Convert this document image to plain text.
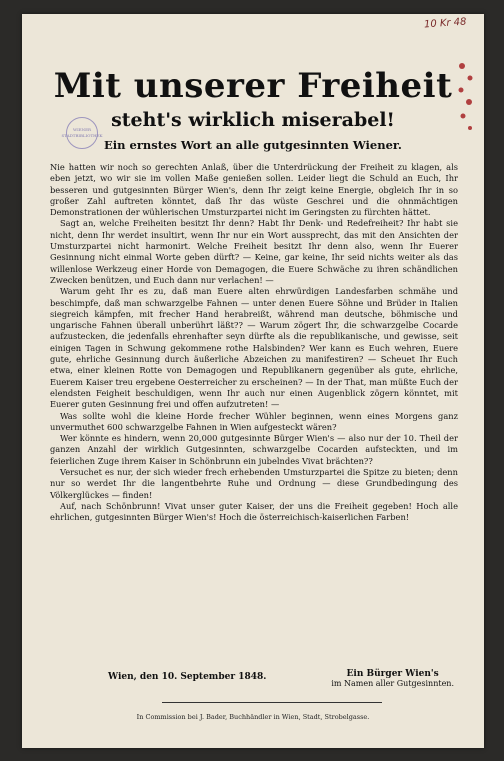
10 Kr 48
WIENER STADTBIBLIOTHEK
Mit unserer Freiheit
steht's wirklich miserabel!
Ein ernstes Wort an alle gutgesinnten Wiener.

Nie hatten wir noch so gerechten Anlaß, über die Unterdrückung der Freiheit zu klagen, als eben jetzt, wo wir sie im vollen Maße genießen sollen. Leider liegt die Schuld an Euch, Ihr besseren und gutgesinnten Bürger Wien's, denn Ihr zeigt keine Energie, obgleich Ihr in so großer Zahl auftreten könntet, daß Ihr das wüste Geschrei und die ohnmächtigen Demonstrationen der wühlerischen Umsturzpartei nicht im Geringsten zu fürchten hättet.

Sagt an, welche Freiheiten besitzt Ihr denn? Habt Ihr Denk- und Redefreiheit? Ihr habt sie nicht, denn Ihr werdet insultirt, wenn Ihr nur ein Wort aussprecht, das mit den Ansichten der Umsturzpartei nicht harmonirt. Welche Freiheit besitzt Ihr denn also, wenn Ihr Euerer Gesinnung nicht einmal Worte geben dürft? — Keine, gar keine, Ihr seid nichts weiter als das willenlose Werkzeug einer Horde von Demagogen, die Euere Schwäche zu ihren schändlichen Zwecken benützen, und Euch dann nur verlachen! —

Warum geht Ihr es zu, daß man Euere alten ehrwürdigen Landesfarben schmähe und beschimpfe, daß man schwarzgelbe Fahnen — unter denen Euere Söhne und Brüder in Italien siegreich kämpfen, mit frecher Hand herabreißt, während man deutsche, böhmische und ungarische Fahnen überall unberührt läßt?? — Warum zögert Ihr, die schwarzgelbe Cocarde aufzustecken, die jedenfalls ehrenhafter seyn dürfte als die republikanische, und gewisse, seit einigen Tagen in Schwung gekommene rothe Halsbinden? Wer kann es Euch wehren, Euere gute, ehrliche Gesinnung durch äußerliche Abzeichen zu manifestiren? — Scheuet Ihr Euch etwa, einer kleinen Rotte von Demagogen und Republikanern gegenüber als gute, ehrliche, Euerem Kaiser treu ergebene Oesterreicher zu erscheinen? — In der That, man müßte Euch der elendsten Feigheit beschuldigen, wenn Ihr auch nur einen Augenblick zögern könntet, mit Euerer guten Gesinnung frei und offen aufzutreten! —

Was sollte wohl die kleine Horde frecher Wühler beginnen, wenn eines Morgens ganz unvermuthet 600 schwarzgelbe Fahnen in Wien aufgesteckt wären?

Wer könnte es hindern, wenn 20,000 gutgesinnte Bürger Wien's — also nur der 10. Theil der ganzen Anzahl der wirklich Gutgesinnten, schwarzgelbe Cocarden aufsteckten, und im feierlichen Zuge ihrem Kaiser in Schönbrunn ein jubelndes Vivat brächten??

Versuchet es nur, der sich wieder frech erhebenden Umsturzpartei die Spitze zu bieten; denn nur so werdet Ihr die langentbehrte Ruhe und Ordnung — diese Grundbedingung des Völkerglückes — finden!

Auf, nach Schönbrunn! Vivat unser guter Kaiser, der uns die Freiheit gegeben! Hoch alle ehrlichen, gutgesinnten Bürger Wien's! Hoch die österreichisch-kaiserlichen Farben!

Wien, den 10. September 1848.	Ein Bürger Wien's
im Namen aller Gutgesinnten.
In Commission bei J. Bader, Buchhändler in Wien, Stadt, Strobelgasse.
